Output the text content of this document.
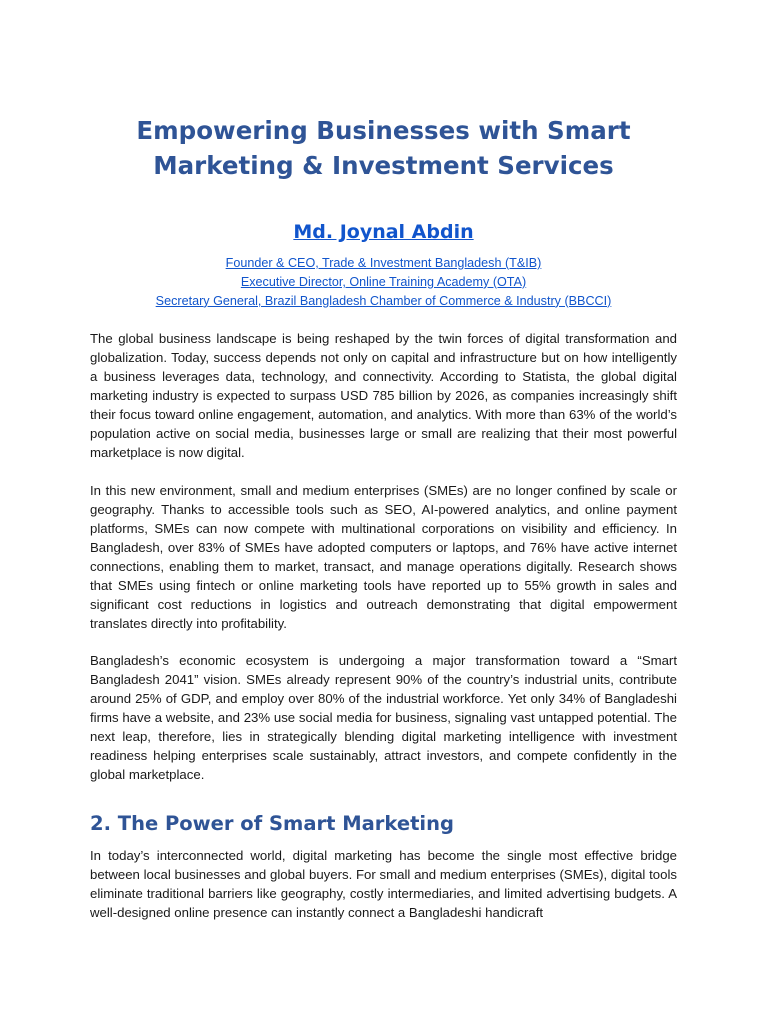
Empowering Businesses with Smart Marketing & Investment Services
Md. Joynal Abdin
Founder & CEO, Trade & Investment Bangladesh (T&IB)
Executive Director, Online Training Academy (OTA)
Secretary General, Brazil Bangladesh Chamber of Commerce & Industry (BBCCI)

The global business landscape is being reshaped by the twin forces of digital transformation and globalization. Today, success depends not only on capital and infrastructure but on how intelligently a business leverages data, technology, and connectivity. According to Statista, the global digital marketing industry is expected to surpass USD 785 billion by 2026, as companies increasingly shift their focus toward online engagement, automation, and analytics. With more than 63% of the world’s population active on social media, businesses large or small are realizing that their most powerful marketplace is now digital.

In this new environment, small and medium enterprises (SMEs) are no longer confined by scale or geography. Thanks to accessible tools such as SEO, AI-powered analytics, and online payment platforms, SMEs can now compete with multinational corporations on visibility and efficiency. In Bangladesh, over 83% of SMEs have adopted computers or laptops, and 76% have active internet connections, enabling them to market, transact, and manage operations digitally. Research shows that SMEs using fintech or online marketing tools have reported up to 55% growth in sales and significant cost reductions in logistics and outreach demonstrating that digital empowerment translates directly into profitability.

Bangladesh’s economic ecosystem is undergoing a major transformation toward a “Smart Bangladesh 2041” vision. SMEs already represent 90% of the country’s industrial units, contribute around 25% of GDP, and employ over 80% of the industrial workforce. Yet only 34% of Bangladeshi firms have a website, and 23% use social media for business, signaling vast untapped potential. The next leap, therefore, lies in strategically blending digital marketing intelligence with investment readiness helping enterprises scale sustainably, attract investors, and compete confidently in the global marketplace.

2. The Power of Smart Marketing

In today’s interconnected world, digital marketing has become the single most effective bridge between local businesses and global buyers. For small and medium enterprises (SMEs), digital tools eliminate traditional barriers like geography, costly intermediaries, and limited advertising budgets. A well-designed online presence can instantly connect a Bangladeshi handicraft
